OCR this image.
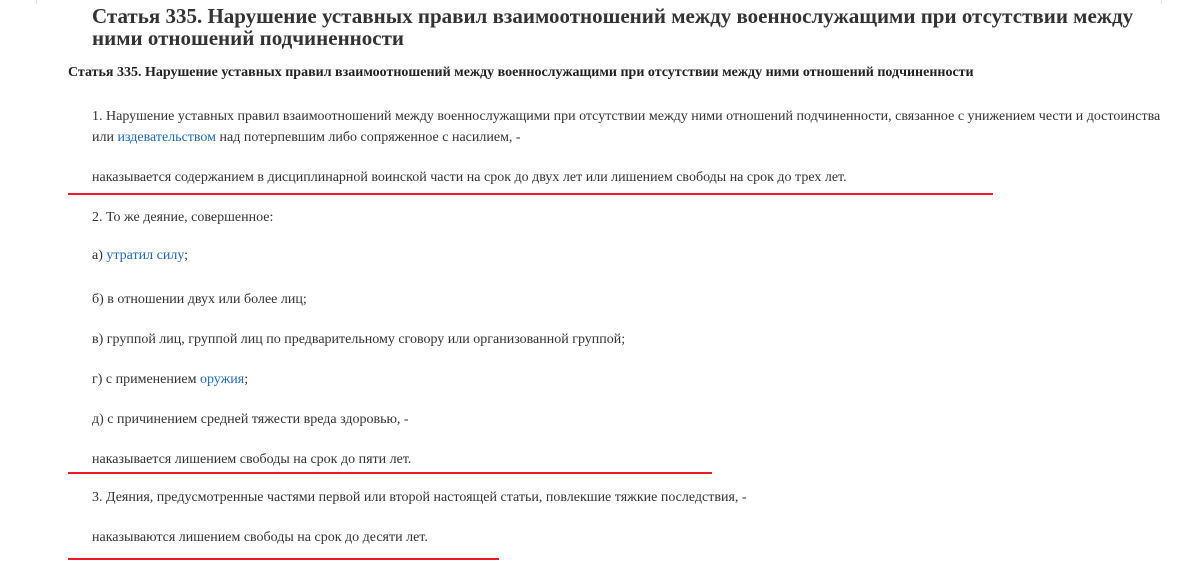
Статья 335. Нарушение уставных правил взаимоотношений между военнослужащими при отсутствии между ними отношений подчиненности
Статья 335. Нарушение уставных правил взаимоотношений между военнослужащими при отсутствии между ними отношений подчиненности

1. Нарушение уставных правил взаимоотношений между военнослужащими при отсутствии между ними отношений подчиненности, связанное с унижением чести и достоинства или издевательством над потерпевшим либо сопряженное с насилием, -

наказывается содержанием в дисциплинарной воинской части на срок до двух лет или лишением свободы на срок до трех лет.

2. То же деяние, совершенное:

а) утратил силу;

б) в отношении двух или более лиц;

в) группой лиц, группой лиц по предварительному сговору или организованной группой;

г) с применением оружия;

д) с причинением средней тяжести вреда здоровью, -

наказывается лишением свободы на срок до пяти лет.

3. Деяния, предусмотренные частями первой или второй настоящей статьи, повлекшие тяжкие последствия, -

наказываются лишением свободы на срок до десяти лет.
